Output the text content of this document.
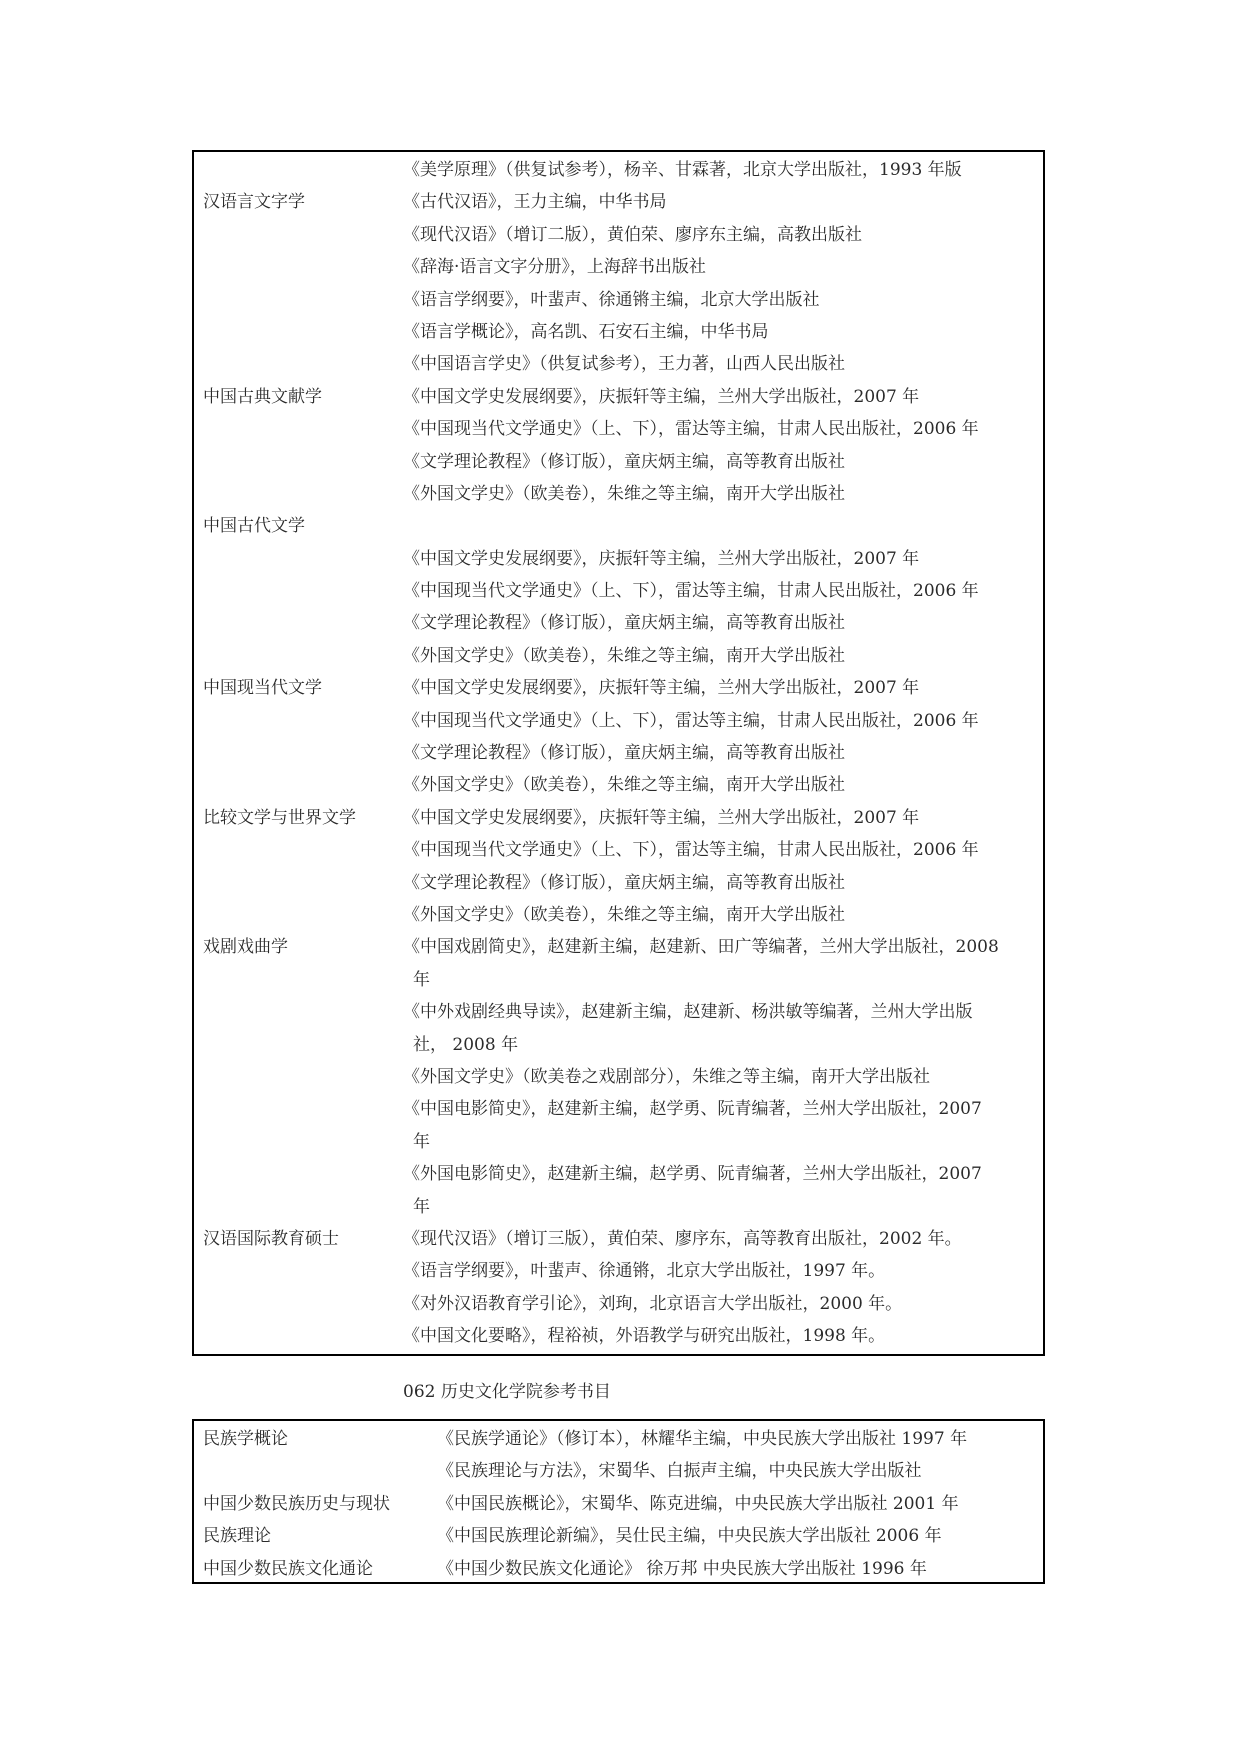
《美学原理》（供复试参考），杨辛、甘霖著，北京大学出版社，1993 年版
汉语言文字学	《古代汉语》，王力主编，中华书局
《现代汉语》（增订二版），黄伯荣、廖序东主编，高教出版社
《辞海·语言文字分册》，上海辞书出版社
《语言学纲要》，叶蜚声、徐通锵主编，北京大学出版社
《语言学概论》，高名凯、石安石主编，中华书局
《中国语言学史》（供复试参考），王力著，山西人民出版社
中国古典文献学	《中国文学史发展纲要》，庆振轩等主编，兰州大学出版社，2007 年
《中国现当代文学通史》（上、下），雷达等主编，甘肃人民出版社，2006 年
《文学理论教程》（修订版），童庆炳主编，高等教育出版社
《外国文学史》（欧美卷），朱维之等主编，南开大学出版社
中国古代文学
《中国文学史发展纲要》，庆振轩等主编，兰州大学出版社，2007 年
《中国现当代文学通史》（上、下），雷达等主编，甘肃人民出版社，2006 年
《文学理论教程》（修订版），童庆炳主编，高等教育出版社
《外国文学史》（欧美卷），朱维之等主编，南开大学出版社
中国现当代文学	《中国文学史发展纲要》，庆振轩等主编，兰州大学出版社，2007 年
《中国现当代文学通史》（上、下），雷达等主编，甘肃人民出版社，2006 年
《文学理论教程》（修订版），童庆炳主编，高等教育出版社
《外国文学史》（欧美卷），朱维之等主编，南开大学出版社
比较文学与世界文学	《中国文学史发展纲要》，庆振轩等主编，兰州大学出版社，2007 年
《中国现当代文学通史》（上、下），雷达等主编，甘肃人民出版社，2006 年
《文学理论教程》（修订版），童庆炳主编，高等教育出版社
《外国文学史》（欧美卷），朱维之等主编，南开大学出版社
戏剧戏曲学	《中国戏剧简史》，赵建新主编，赵建新、田广等编著，兰州大学出版社，2008
年
《中外戏剧经典导读》，赵建新主编，赵建新、杨洪敏等编著，兰州大学出版
社， 2008 年
《外国文学史》（欧美卷之戏剧部分），朱维之等主编，南开大学出版社
《中国电影简史》，赵建新主编，赵学勇、阮青编著，兰州大学出版社，2007
年
《外国电影简史》，赵建新主编，赵学勇、阮青编著，兰州大学出版社，2007
年
汉语国际教育硕士	《现代汉语》（增订三版），黄伯荣、廖序东，高等教育出版社，2002 年。
《语言学纲要》，叶蜚声、徐通锵，北京大学出版社，1997 年。
《对外汉语教育学引论》，刘珣，北京语言大学出版社，2000 年。
《中国文化要略》，程裕祯，外语教学与研究出版社，1998 年。
062 历史文化学院参考书目
民族学概论	《民族学通论》（修订本），林耀华主编，中央民族大学出版社 1997 年
《民族理论与方法》，宋蜀华、白振声主编，中央民族大学出版社
中国少数民族历史与现状	《中国民族概论》，宋蜀华、陈克进编，中央民族大学出版社 2001 年
民族理论	《中国民族理论新编》，吴仕民主编，中央民族大学出版社 2006 年
中国少数民族文化通论	《中国少数民族文化通论》 徐万邦 中央民族大学出版社 1996 年
